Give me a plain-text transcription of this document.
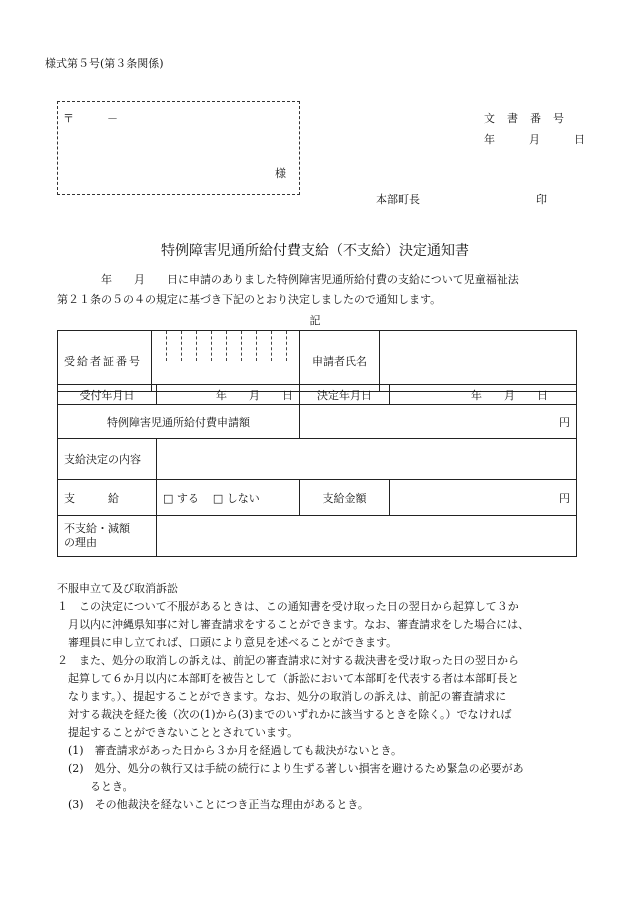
様式第５号(第３条関係)
〒　　　－
様
文書番号
年　　月　　日
本部町長	印
特例障害児通所給付費支給（不支給）決定通知書
　　　　年　　月　　日に申請のありました特例障害児通所給付費の支給について児童福祉法
第２１条の５の４の規定に基づき下記のとおり決定しましたので通知します。
記
受給者証番号		申請者氏名	
受付年月日	年　　月　　日	決定年月日	年　　月　　日
特例障害児通所給付費申請額		円	
支給決定の内容			
支　　　給	□ する □ しない	支給金額	円

不支給・減額
の理由			

不服申立て及び取消訴訟
１　この決定について不服があるときは、この通知書を受け取った日の翌日から起算して３か
　月以内に沖縄県知事に対し審査請求をすることができます。なお、審査請求をした場合には、
　審理員に申し立てれば、口頭により意見を述べることができます。
２　また、処分の取消しの訴えは、前記の審査請求に対する裁決書を受け取った日の翌日から
　起算して６か月以内に本部町を被告として（訴訟において本部町を代表する者は本部町長と
　なります。）、提起することができます。なお、処分の取消しの訴えは、前記の審査請求に
　対する裁決を経た後（次の(1)から(3)までのいずれかに該当するときを除く。）でなければ
　提起することができないこととされています。
　(1)　審査請求があった日から３か月を経過しても裁決がないとき。
　(2)　処分、処分の執行又は手続の続行により生ずる著しい損害を避けるため緊急の必要があ
　　　るとき。
　(3)　その他裁決を経ないことにつき正当な理由があるとき。
